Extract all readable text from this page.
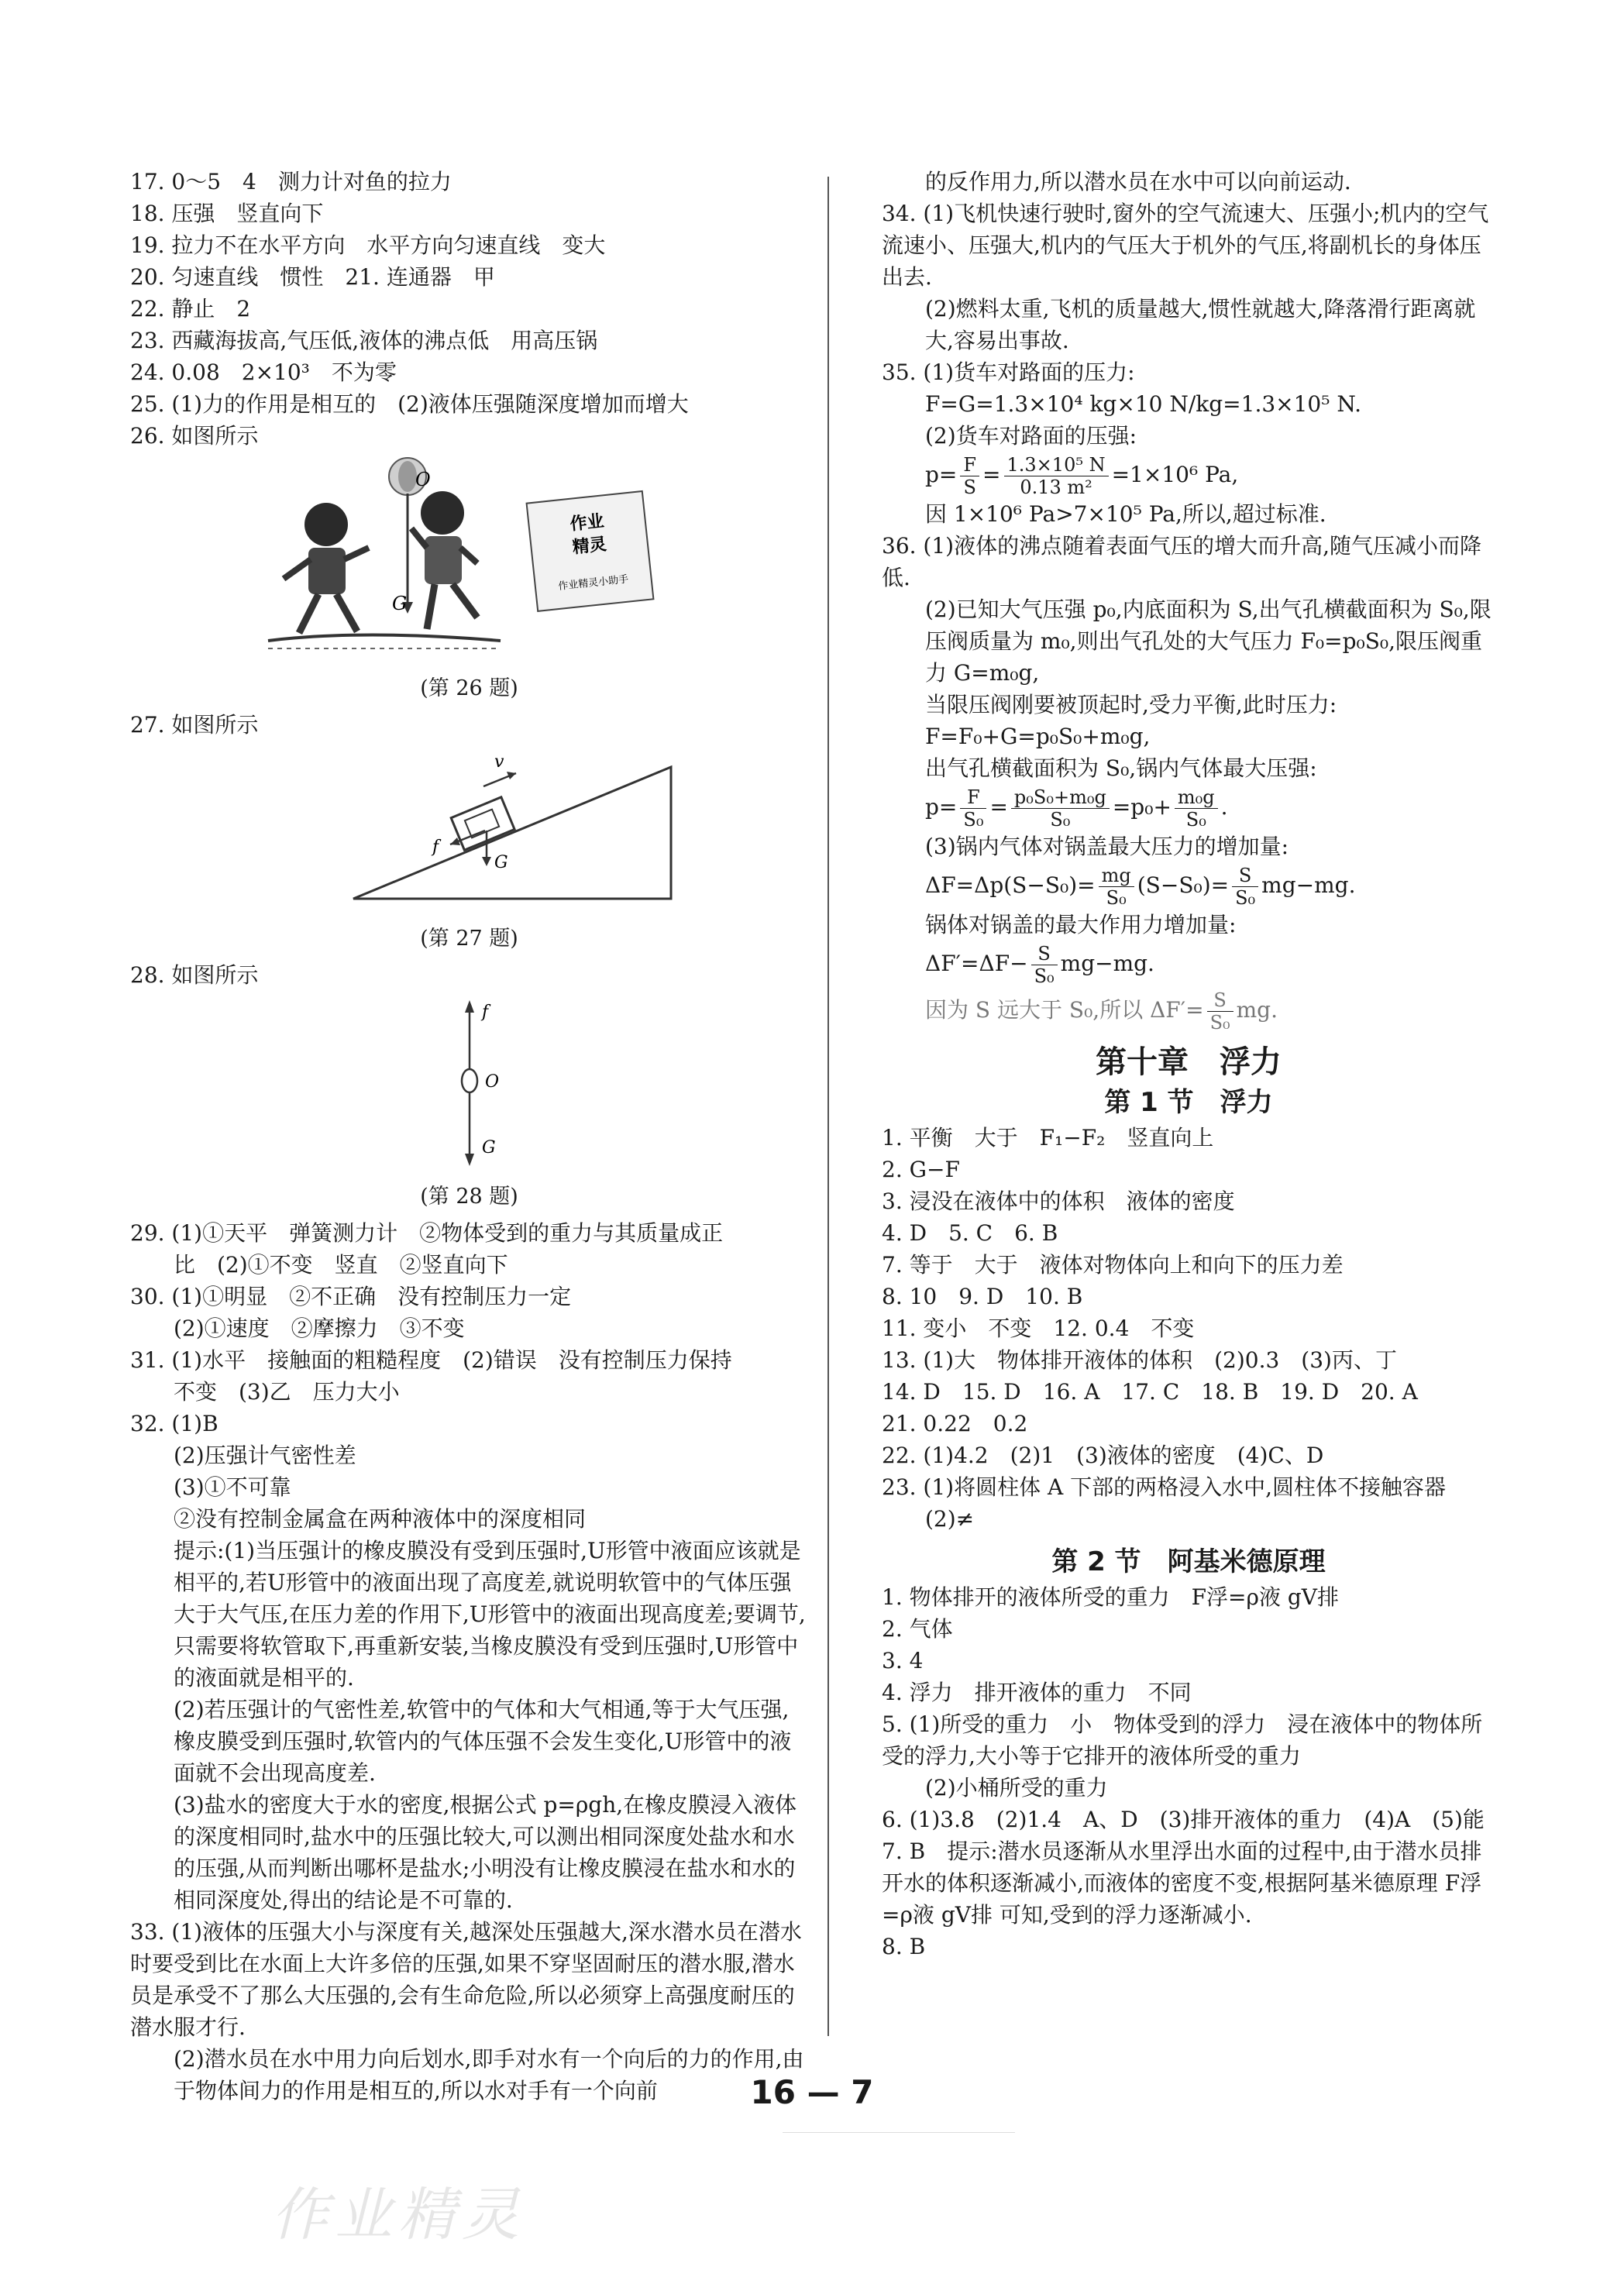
17. 0～5　4　测力计对鱼的拉力
18. 压强　竖直向下
19. 拉力不在水平方向　水平方向匀速直线　变大
20. 匀速直线　惯性　21. 连通器　甲
22. 静止　2
23. 西藏海拔高,气压低,液体的沸点低　用高压锅
24. 0.08　2×10³　不为零
25. (1)力的作用是相互的　(2)液体压强随深度增加而增大
26. 如图所示
O
G
作业
精灵
作业精灵小助手
(第 26 题)
27. 如图所示
v
f
G
(第 27 题)
28. 如图所示
f
O
G
(第 28 题)
29. (1)①天平　弹簧测力计　②物体受到的重力与其质量成正
比　(2)①不变　竖直　②竖直向下
30. (1)①明显　②不正确　没有控制压力一定
(2)①速度　②摩擦力　③不变
31. (1)水平　接触面的粗糙程度　(2)错误　没有控制压力保持
不变　(3)乙　压力大小
32. (1)B
(2)压强计气密性差
(3)①不可靠
②没有控制金属盒在两种液体中的深度相同
提示:(1)当压强计的橡皮膜没有受到压强时,U形管中液面应该就是相平的,若U形管中的液面出现了高度差,就说明软管中的气体压强大于大气压,在压力差的作用下,U形管中的液面出现高度差;要调节,只需要将软管取下,再重新安装,当橡皮膜没有受到压强时,U形管中的液面就是相平的.
(2)若压强计的气密性差,软管中的气体和大气相通,等于大气压强,橡皮膜受到压强时,软管内的气体压强不会发生变化,U形管中的液面就不会出现高度差.
(3)盐水的密度大于水的密度,根据公式 p=ρgh,在橡皮膜浸入液体的深度相同时,盐水中的压强比较大,可以测出相同深度处盐水和水的压强,从而判断出哪杯是盐水;小明没有让橡皮膜浸在盐水和水的相同深度处,得出的结论是不可靠的.
33. (1)液体的压强大小与深度有关,越深处压强越大,深水潜水员在潜水时要受到比在水面上大许多倍的压强,如果不穿坚固耐压的潜水服,潜水员是承受不了那么大压强的,会有生命危险,所以必须穿上高强度耐压的潜水服才行.
(2)潜水员在水中用力向后划水,即手对水有一个向后的力的作用,由于物体间力的作用是相互的,所以水对手有一个向前
的反作用力,所以潜水员在水中可以向前运动.
34. (1)飞机快速行驶时,窗外的空气流速大、压强小;机内的空气流速小、压强大,机内的气压大于机外的气压,将副机长的身体压出去.
(2)燃料太重,飞机的质量越大,惯性就越大,降落滑行距离就大,容易出事故.
35. (1)货车对路面的压力:
F=G=1.3×10⁴ kg×10 N/kg=1.3×10⁵ N.
(2)货车对路面的压强:
$p= \frac{F}{S} = \frac{\text{1.3×10⁵ N}}{\text{0.13 m²}} =1\times 10^6$ Pa,
因 1×10⁶ Pa>7×10⁵ Pa,所以,超过标准.
36. (1)液体的沸点随着表面气压的增大而升高,随气压减小而降低.
(2)已知大气压强 p₀,内底面积为 S,出气孔横截面积为 S₀,限压阀质量为 m₀,则出气孔处的大气压力 F₀=p₀S₀,限压阀重力 G=m₀g,
当限压阀刚要被顶起时,受力平衡,此时压力:
F=F₀+G=p₀S₀+m₀g,
出气孔横截面积为 S₀,锅内气体最大压强:
$p= \frac{F}{\text{S₀}} = \frac{\text{p₀S₀+m₀g}}{\text{S₀}} =p_0+ \frac{\text{m₀g}}{\text{S₀}}$ .
(3)锅内气体对锅盖最大压力的增加量:
$\Delta F=\Delta p(S-S_0)= \frac{mg}{\text{S₀}} (S-S_0)= \frac{S}{\text{S₀}} mg-mg$.
锅体对锅盖的最大作用力增加量:
$\Delta F'=\Delta F- \frac{S}{\text{S₀}} mg-mg$.
因为 S 远大于 S₀,所以 $\Delta F'= \frac{S}{\text{S₀}}$ mg.
第十章　浮力
第 1 节　浮力
1. 平衡　大于　F₁−F₂　竖直向上
2. G−F
3. 浸没在液体中的体积　液体的密度
4. D　5. C　6. B
7. 等于　大于　液体对物体向上和向下的压力差
8. 10　9. D　10. B
11. 变小　不变　12. 0.4　不变
13. (1)大　物体排开液体的体积　(2)0.3　(3)丙、丁
14. D　15. D　16. A　17. C　18. B　19. D　20. A
21. 0.22　0.2
22. (1)4.2　(2)1　(3)液体的密度　(4)C、D
23. (1)将圆柱体 A 下部的两格浸入水中,圆柱体不接触容器
(2)≠
第 2 节　阿基米德原理
1. 物体排开的液体所受的重力　F浮=ρ液 gV排
2. 气体
3. 4
4. 浮力　排开液体的重力　不同
5. (1)所受的重力　小　物体受到的浮力　浸在液体中的物体所受的浮力,大小等于它排开的液体所受的重力
(2)小桶所受的重力
6. (1)3.8　(2)1.4　A、D　(3)排开液体的重力　(4)A　(5)能
7. B　提示:潜水员逐渐从水里浮出水面的过程中,由于潜水员排开水的体积逐渐减小,而液体的密度不变,根据阿基米德原理 F浮=ρ液 gV排 可知,受到的浮力逐渐减小.
8. B
16 — 7
作业精灵
